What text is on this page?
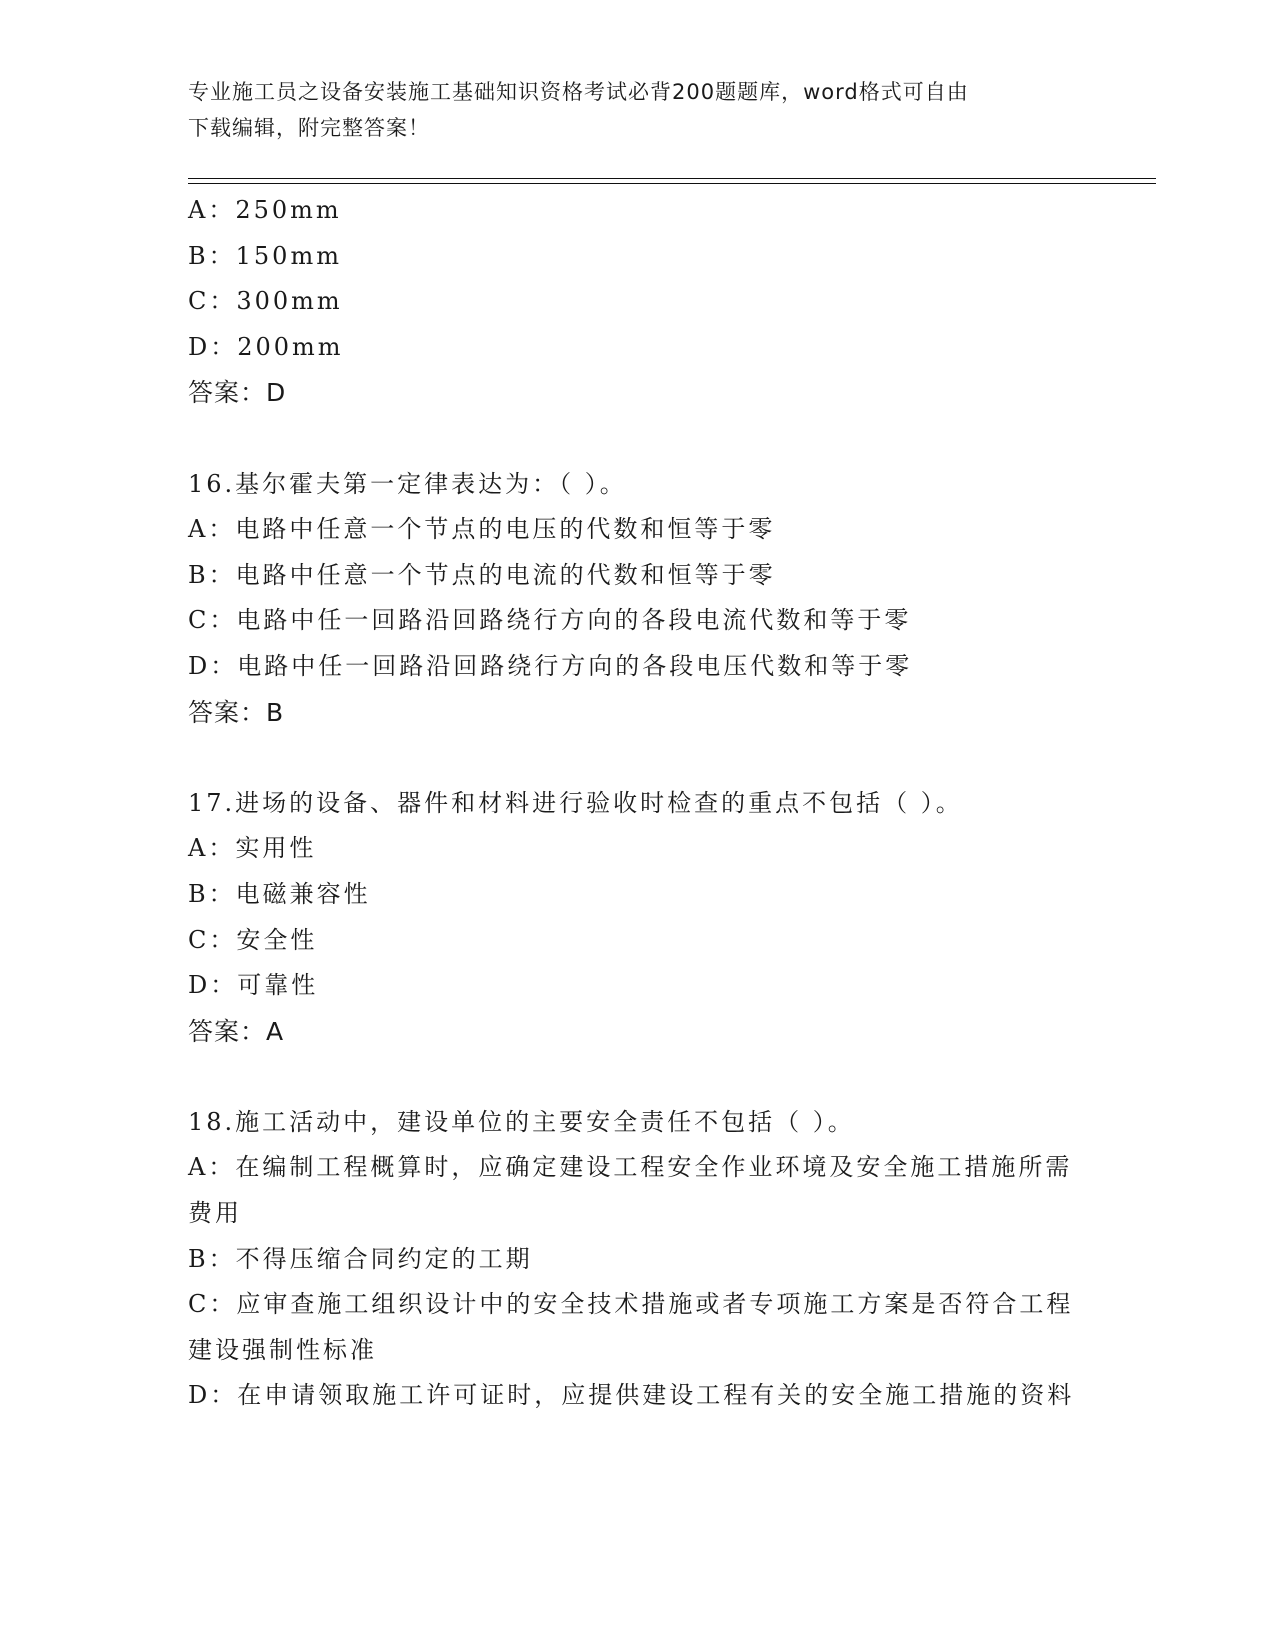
专业施工员之设备安装施工基础知识资格考试必背200题题库，word格式可自由
下载编辑，附完整答案！
A：250mm
B：150mm
C：300mm
D：200mm
答案：D
16.基尔霍夫第一定律表达为：（ ）。
A：电路中任意一个节点的电压的代数和恒等于零
B：电路中任意一个节点的电流的代数和恒等于零
C：电路中任一回路沿回路绕行方向的各段电流代数和等于零
D：电路中任一回路沿回路绕行方向的各段电压代数和等于零
答案：B
17.进场的设备、器件和材料进行验收时检查的重点不包括（ ）。
A：实用性
B：电磁兼容性
C：安全性
D：可靠性
答案：A
18.施工活动中，建设单位的主要安全责任不包括（ ）。
A：在编制工程概算时，应确定建设工程安全作业环境及安全施工措施所需费用
B：不得压缩合同约定的工期
C：应审查施工组织设计中的安全技术措施或者专项施工方案是否符合工程建设强制性标准
D：在申请领取施工许可证时，应提供建设工程有关的安全施工措施的资料
